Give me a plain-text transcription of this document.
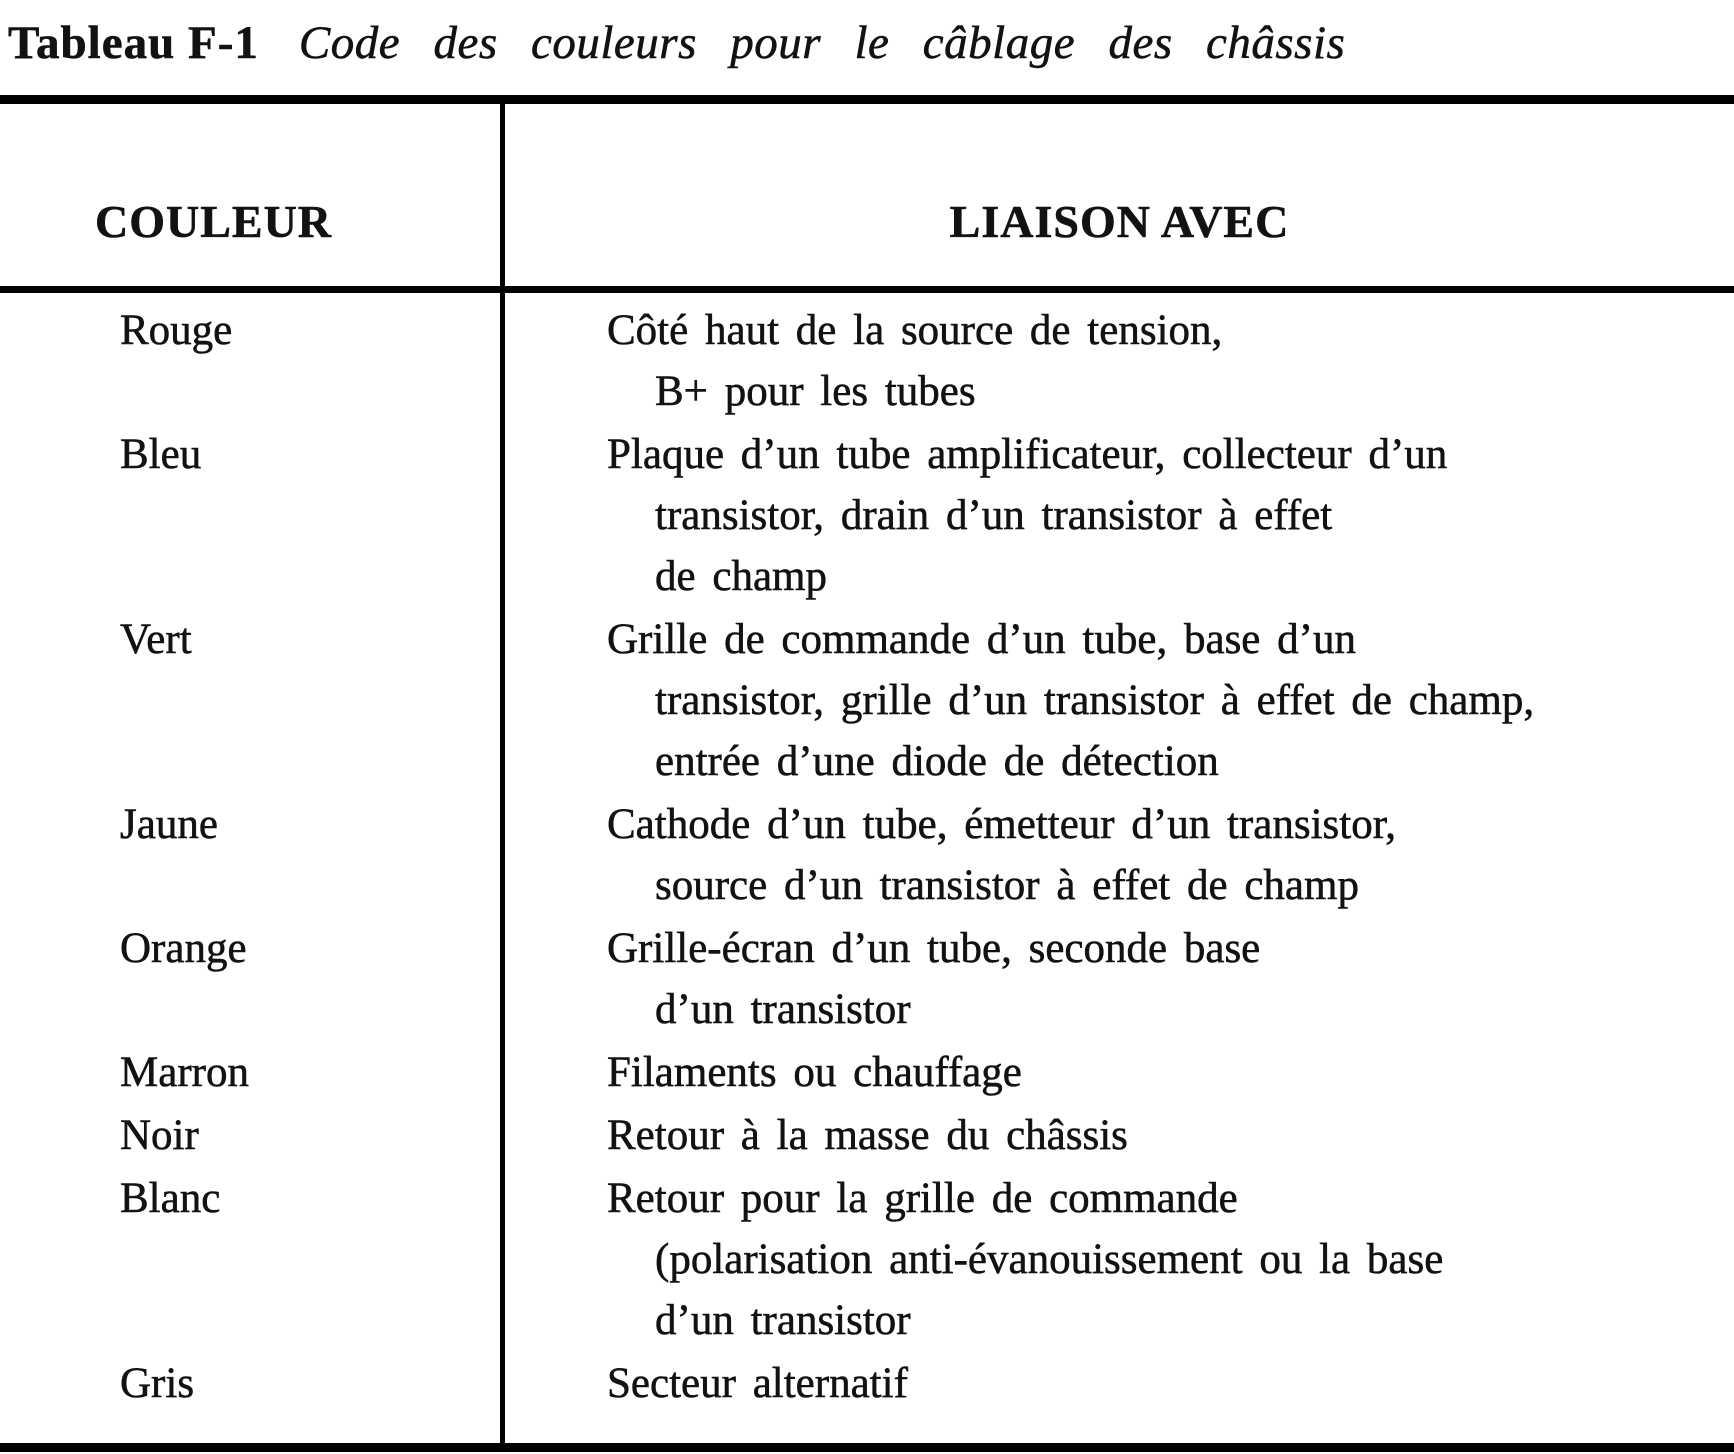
Tableau F-1 Code des couleurs pour le câblage des châssis
COULEUR	LIAISON AVEC
Rouge	Côté haut de la source de tension,
B+ pour les tubes
Bleu	Plaque d’un tube amplificateur, collecteur d’un
transistor, drain d’un transistor à effet
de champ
Vert	Grille de commande d’un tube, base d’un
transistor, grille d’un transistor à effet de champ,
entrée d’une diode de détection
Jaune	Cathode d’un tube, émetteur d’un transistor,
source d’un transistor à effet de champ
Orange	Grille-écran d’un tube, seconde base
d’un transistor
Marron	Filaments ou chauffage
Noir	Retour à la masse du châssis
Blanc	Retour pour la grille de commande
(polarisation anti-évanouissement ou la base
d’un transistor
Gris	Secteur alternatif
